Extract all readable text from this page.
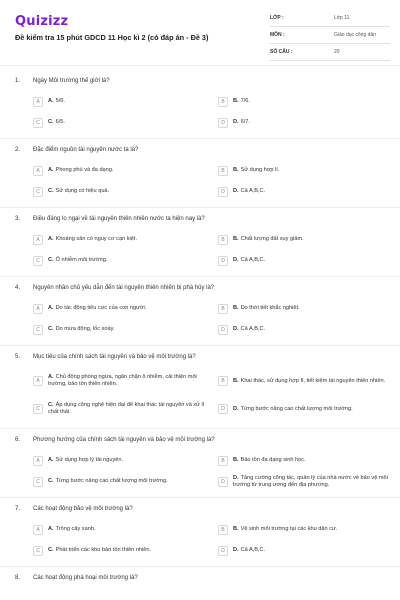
Quizizz
Đề kiểm tra 15 phút GDCD 11 Học kì 2 (có đáp án - Đề 3)
LỚP :	Lớp 11
MÔN :	Giáo dục công dân
SỐ CÂU :	20
1. Ngày Môi trường thế giới là?
A	A. 5/6.	B	B. 7/6.
C	C. 6/5.	D	D. 6/7.
2. Đặc điểm nguồn tài nguyên nước ta là?
A	A. Phong phú và đa dạng.	B	B. Sử dụng hợp lí.
C	C. Sử dụng có hiệu quả.	D	D. Cả A,B,C.
3. Điều đáng lo ngại về tài nguyên thiên nhiên nước ta hiện nay là?
A	A. Khoáng sản có nguy cơ cạn kiệt.	B	B. Chất lượng đất suy giảm.
C	C. Ô nhiễm môi trường.	D	D. Cả A,B,C.
4. Nguyên nhân chủ yếu dẫn đến tài nguyên thiên nhiên bị phá hủy là?
A	A. Do tác động tiêu cực của con người.	B	B. Do thời tiết khắc nghiệt.
C	C. Do mưa động, lốc xoáy.	D	D. Cả A,B,C.
5. Mục tiêu của chính sách tài nguyên và bảo vệ môi trường là?
A
A. Chủ động phòng ngừa, ngăn chặn ô nhiễm, cải thiện môi trường, bảo tồn thiên nhiên.	B	B. Khai thác, sử dụng hợp lí, tiết kiệm tài nguyên thiên nhiên.
C
C. Áp dụng công nghệ hiện đại để khai thác tài nguyên và xử lí chất thải.	D	D. Từng bước nâng cao chất lượng môi trường.
6. Phương hướng của chính sách tài nguyên và bảo vệ môi trường là?
A	A. Sử dụng hợp lý tài nguyên.	B	B. Bảo tồn đa dạng sinh học.
C	C. Từng bước nâng cao chất lượng môi trường.	D
D. Tăng cường công tác, quản lý của nhà nước về bảo vệ môi trường từ trung ương đến địa phương.
7. Các hoạt động bảo vệ môi trường là?
A	A. Trồng cây xanh.	B	B. Vệ sinh môi trường tại các khu dân cư.
C	C. Phát triển các khu bảo tồn thiên nhiên.	D	D. Cả A,B,C.
8. Các hoạt động phá hoại môi trường là?
